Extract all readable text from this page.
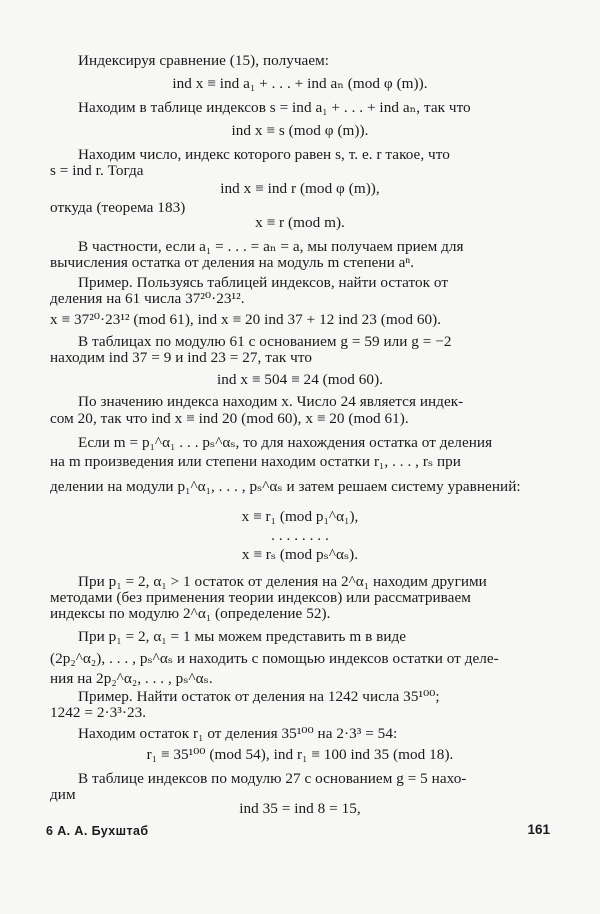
Индексируя сравнение (15), получаем:
ind x ≡ ind a₁ + . . . + ind aₙ (mod φ (m)).
Находим в таблице индексов s = ind a₁ + . . . + ind aₙ, так что
ind x ≡ s (mod φ (m)).
Находим число, индекс которого равен s, т. е. r такое, что
s = ind r. Тогда
ind x ≡ ind r (mod φ (m)),
откуда (теорема 183)
x ≡ r (mod m).
В частности, если a₁ = . . . = aₙ = a, мы получаем прием для
вычисления остатка от деления на модуль m степени aⁿ.
Пример. Пользуясь таблицей индексов, найти остаток от
деления на 61 числа 37²⁰·23¹².
x ≡ 37²⁰·23¹² (mod 61), ind x ≡ 20 ind 37 + 12 ind 23 (mod 60).
В таблицах по модулю 61 с основанием g = 59 или g = −2
находим ind 37 = 9 и ind 23 = 27, так что
ind x ≡ 504 ≡ 24 (mod 60).
По значению индекса находим x. Число 24 является индек-
сом 20, так что ind x ≡ ind 20 (mod 60), x ≡ 20 (mod 61).
Если m = p₁^α₁ . . . pₛ^αₛ, то для нахождения остатка от деления
на m произведения или степени находим остатки r₁, . . . , rₛ при
делении на модули p₁^α₁, . . . , pₛ^αₛ и затем решаем систему уравнений:
x ≡ r₁ (mod p₁^α₁),
. . . . . . . .
x ≡ rₛ (mod pₛ^αₛ).
При p₁ = 2, α₁ > 1 остаток от деления на 2^α₁ находим другими
методами (без применения теории индексов) или рассматриваем
индексы по модулю 2^α₁ (определение 52).
При p₁ = 2, α₁ = 1 мы можем представить m в виде
(2p₂^α₂), . . . , pₛ^αₛ и находить с помощью индексов остатки от деле-
ния на 2p₂^α₂, . . . , pₛ^αₛ.
Пример. Найти остаток от деления на 1242 числа 35¹⁰⁰;
1242 = 2·3³·23.
Находим остаток r₁ от деления 35¹⁰⁰ на 2·3³ = 54:
r₁ ≡ 35¹⁰⁰ (mod 54), ind r₁ ≡ 100 ind 35 (mod 18).
В таблице индексов по модулю 27 с основанием g = 5 нахо-
дим
ind 35 = ind 8 = 15,
6 А. А. Бухштаб	161
